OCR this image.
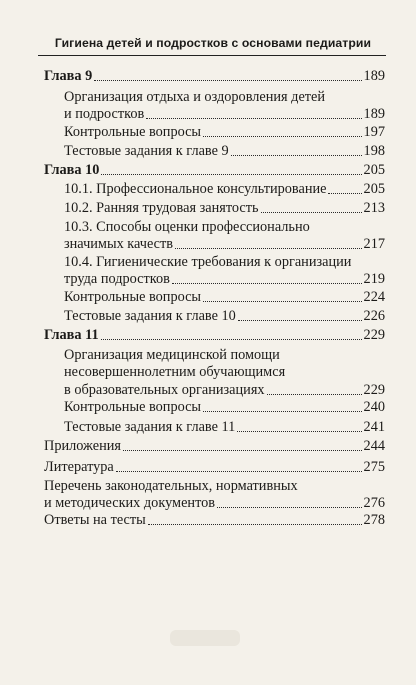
Гигиена детей и подростков с основами педиатрии
Глава 9	189
Организация отдыха и оздоровления детей
и подростков	189
Контрольные вопросы	197
Тестовые задания к главе 9	198
Глава 10	205
10.1. Профессиональное консультирование	205
10.2. Ранняя трудовая занятость	213
10.3. Способы оценки профессионально
значимых качеств	217
10.4. Гигиенические требования к организации
труда подростков	219
Контрольные вопросы	224
Тестовые задания к главе 10	226
Глава 11	229
Организация медицинской помощи
несовершеннолетним обучающимся
в образовательных организациях	229
Контрольные вопросы	240
Тестовые задания к главе 11	241
Приложения	244
Литература	275
Перечень законодательных, нормативных
и методических документов	276
Ответы на тесты	278
